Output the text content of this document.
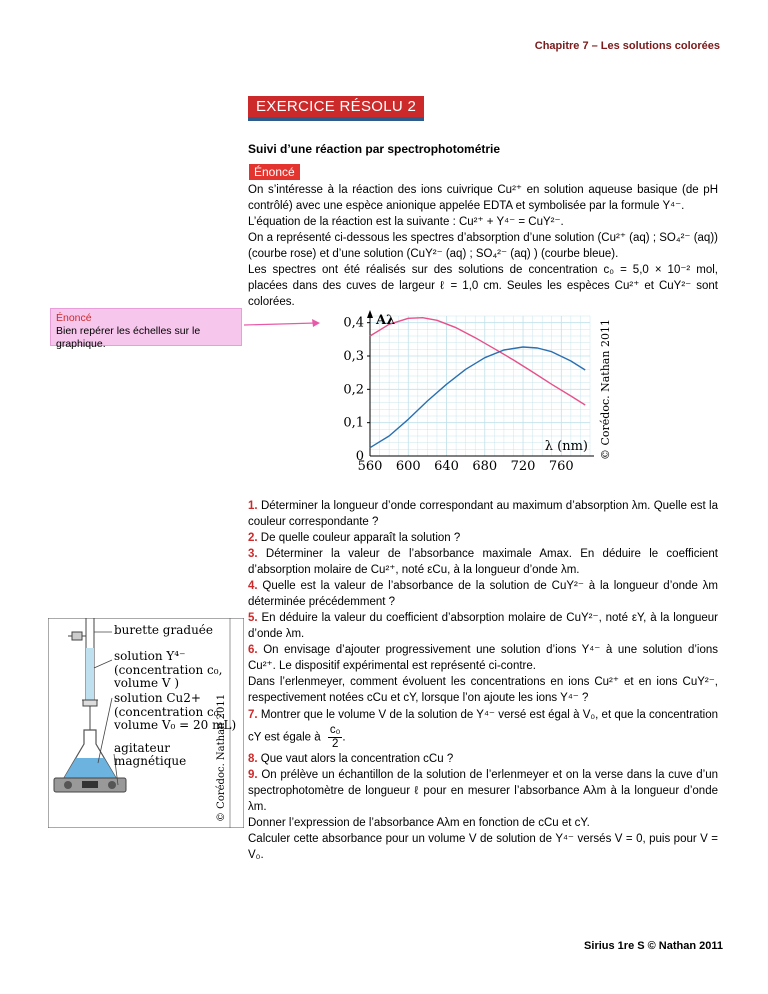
Chapitre 7 – Les solutions colorées
EXERCICE RÉSOLU 2
Suivi d’une réaction par spectrophotométrie
Énoncé

On s’intéresse à la réaction des ions cuivrique Cu²⁺ en solution aqueuse basique (de pH contrôlé) avec une espèce anionique appelée EDTA et symbolisée par la formule Y⁴⁻.

L’équation de la réaction est la suivante : Cu²⁺ + Y⁴⁻ = CuY²⁻.

On a représenté ci-dessous les spectres d’absorption d’une solution (Cu²⁺ (aq) ; SO₄²⁻ (aq)) (courbe rose) et d’une solution (CuY²⁻ (aq) ; SO₄²⁻ (aq) ) (courbe bleue).

Les spectres ont été réalisés sur des solutions de concentration c₀ = 5,0 × 10⁻² mol, placées dans des cuves de largeur ℓ = 1,0 cm. Seules les espèces Cu²⁺ et CuY²⁻ sont colorées.

Énoncé
Bien repérer les échelles sur le graphique.
560 600 640 680 720 760
0
0,1
0,2
0,3
0,4 Aλ
λ (nm) © Corédoc. Nathan 2011
burette graduée
solution Y⁴⁻
(concentration c₀,
volume V )
solution Cu2+
(concentration c₀,
volume V₀ = 20 mL)
agitateur
magnétique	© Corédoc. Nathan 2011

1. Déterminer la longueur d’onde correspondant au maximum d’absorption λm. Quelle est la couleur correspondante ?

2. De quelle couleur apparaît la solution ?

3. Déterminer la valeur de l’absorbance maximale Amax. En déduire le coefficient d’absorption molaire de Cu²⁺, noté εCu, à la longueur d’onde λm.

4. Quelle est la valeur de l’absorbance de la solution de CuY²⁻ à la longueur d’onde λm déterminée précédemment ?

5. En déduire la valeur du coefficient d’absorption molaire de CuY²⁻, noté εY, à la longueur d’onde λm.

6. On envisage d’ajouter progressivement une solution d’ions Y⁴⁻ à une solution d’ions Cu²⁺. Le dispositif expérimental est représenté ci-contre.

Dans l’erlenmeyer, comment évoluent les concentrations en ions Cu²⁺ et en ions CuY²⁻, respectivement notées cCu et cY, lorsque l’on ajoute les ions Y⁴⁻ ?

7. Montrer que le volume V de la solution de Y⁴⁻ versé est égal à V₀, et que la concentration cY est égale à $\frac{\text{c₀}}{2}$ .

8. Que vaut alors la concentration cCu ?

9. On prélève un échantillon de la solution de l’erlenmeyer et on la verse dans la cuve d’un spectrophotomètre de longueur ℓ pour en mesurer l’absorbance Aλm à la longueur d’onde λm.

Donner l’expression de l’absorbance Aλm en fonction de cCu et cY.

Calculer cette absorbance pour un volume V de solution de Y⁴⁻ versés V = 0, puis pour V = V₀.

Sirius 1re S © Nathan 2011
